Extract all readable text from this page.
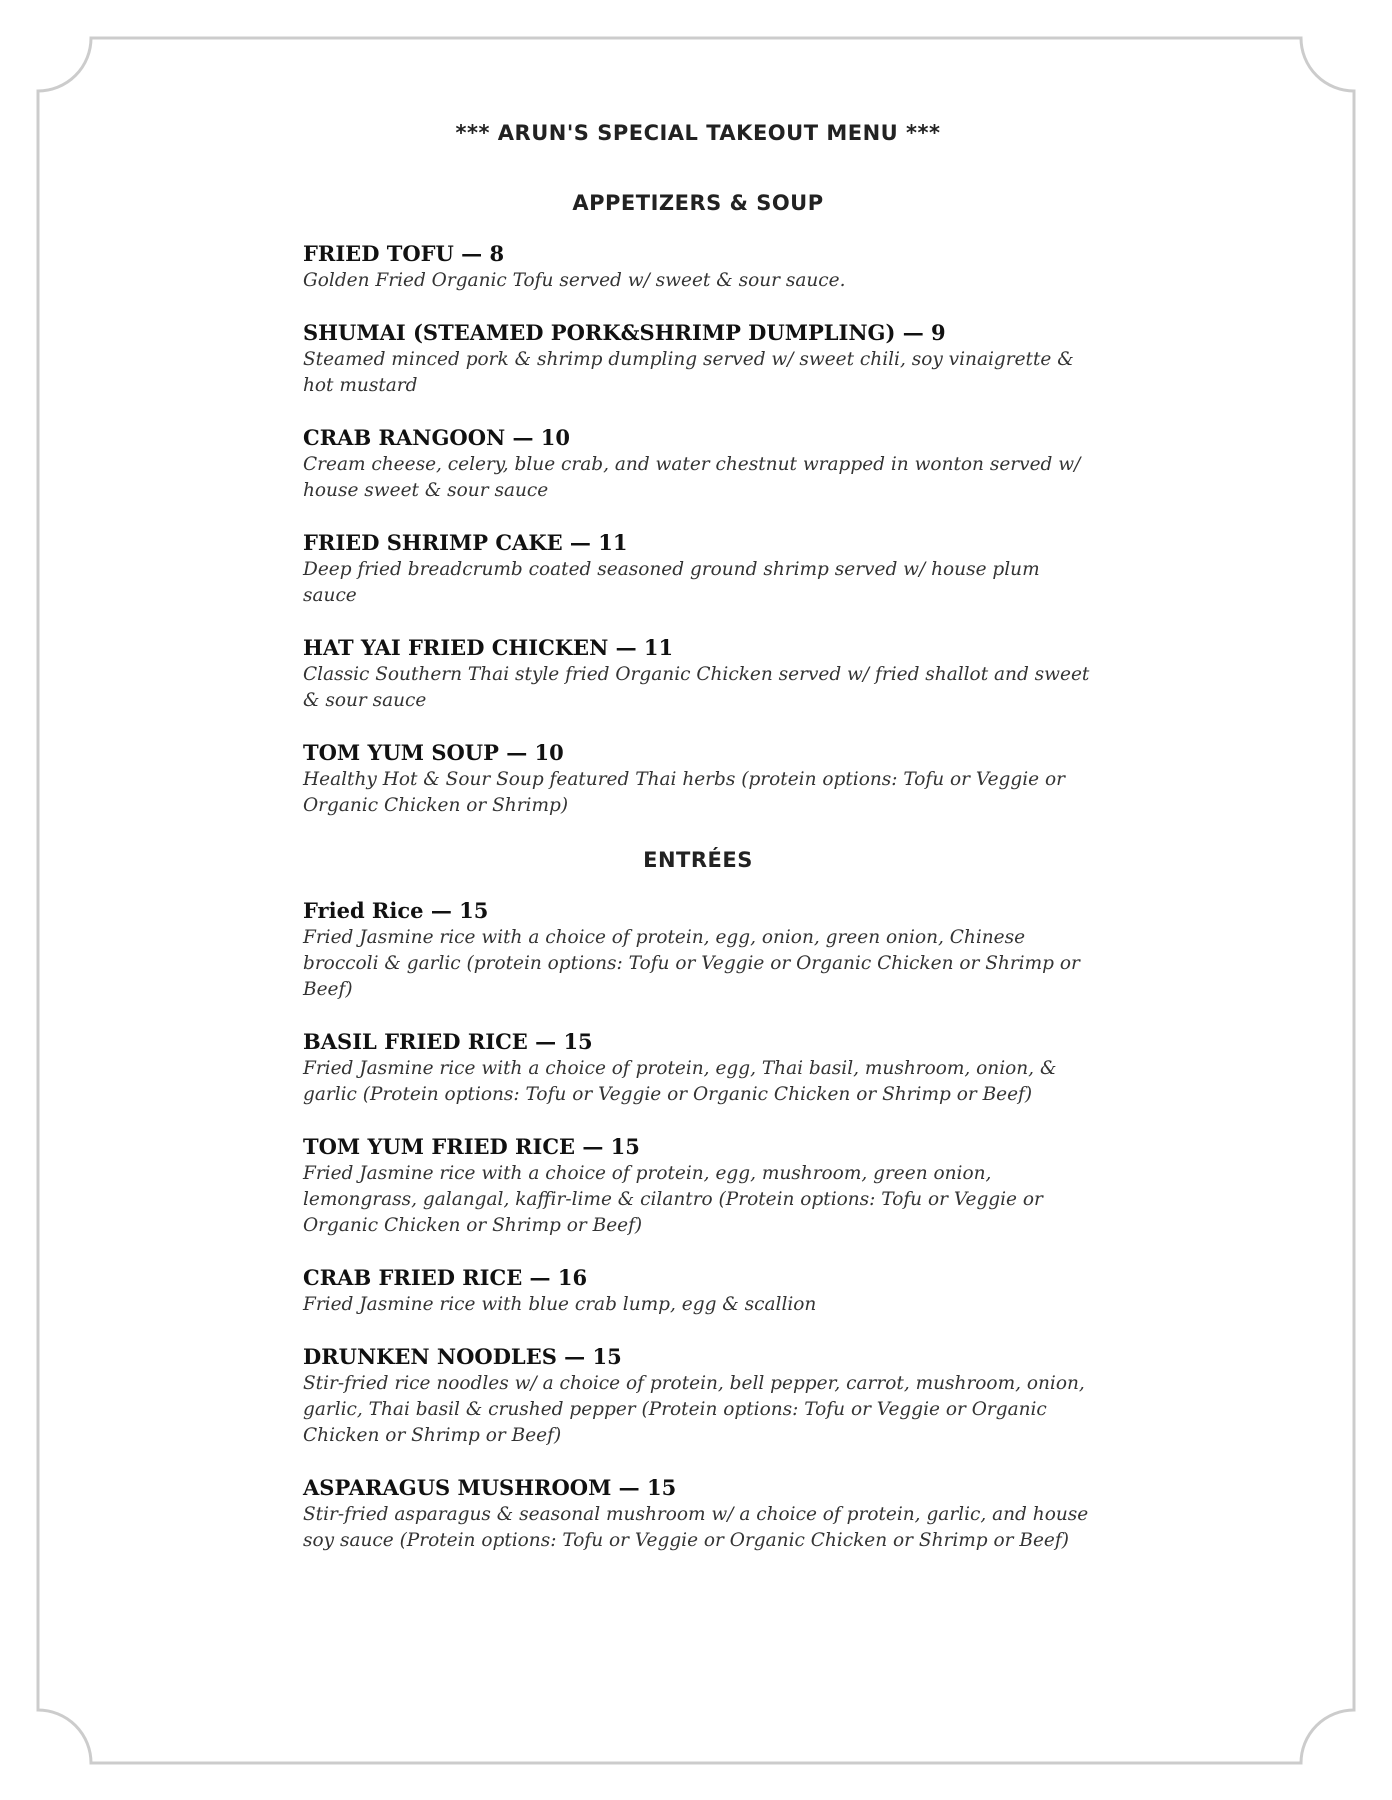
*** ARUN'S SPECIAL TAKEOUT MENU ***
APPETIZERS & SOUP

FRIED TOFU — 8

Golden Fried Organic Tofu served w/ sweet & sour sauce.

SHUMAI (STEAMED PORK&SHRIMP DUMPLING) — 9

Steamed minced pork & shrimp dumpling served w/ sweet chili, soy vinaigrette & hot mustard

CRAB RANGOON — 10

Cream cheese, celery, blue crab, and water chestnut wrapped in wonton served w/ house sweet & sour sauce

FRIED SHRIMP CAKE — 11

Deep fried breadcrumb coated seasoned ground shrimp served w/ house plum sauce

HAT YAI FRIED CHICKEN — 11

Classic Southern Thai style fried Organic Chicken served w/ fried shallot and sweet & sour sauce

TOM YUM SOUP — 10

Healthy Hot & Sour Soup featured Thai herbs (protein options: Tofu or Veggie or Organic Chicken or Shrimp)

ENTRÉES

Fried Rice — 15

Fried Jasmine rice with a choice of protein, egg, onion, green onion, Chinese broccoli & garlic (protein options: Tofu or Veggie or Organic Chicken or Shrimp or Beef)

BASIL FRIED RICE — 15

Fried Jasmine rice with a choice of protein, egg, Thai basil, mushroom, onion, & garlic (Protein options: Tofu or Veggie or Organic Chicken or Shrimp or Beef)

TOM YUM FRIED RICE — 15

Fried Jasmine rice with a choice of protein, egg, mushroom, green onion, lemongrass, galangal, kaffir-lime & cilantro (Protein options: Tofu or Veggie or Organic Chicken or Shrimp or Beef)

CRAB FRIED RICE — 16

Fried Jasmine rice with blue crab lump, egg & scallion

DRUNKEN NOODLES — 15

Stir-fried rice noodles w/ a choice of protein, bell pepper, carrot, mushroom, onion, garlic, Thai basil & crushed pepper (Protein options: Tofu or Veggie or Organic Chicken or Shrimp or Beef)

ASPARAGUS MUSHROOM — 15

Stir-fried asparagus & seasonal mushroom w/ a choice of protein, garlic, and house soy sauce (Protein options: Tofu or Veggie or Organic Chicken or Shrimp or Beef)
